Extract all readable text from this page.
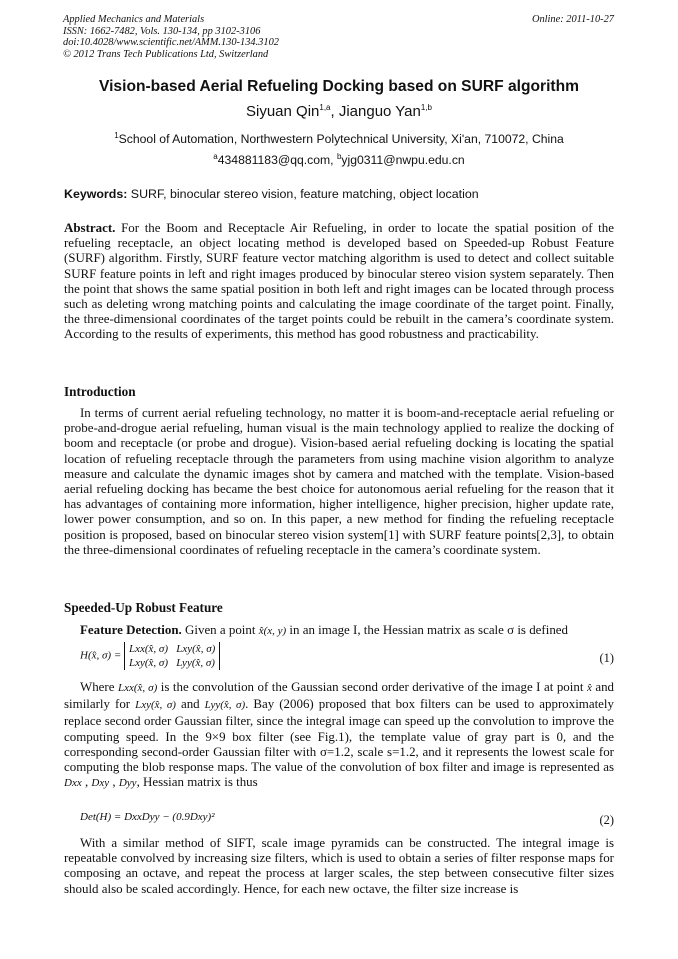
Applied Mechanics and Materials
ISSN: 1662-7482, Vols. 130-134, pp 3102-3106
doi:10.4028/www.scientific.net/AMM.130-134.3102
© 2012 Trans Tech Publications Ltd, Switzerland
Online: 2011-10-27
Vision-based Aerial Refueling Docking based on SURF algorithm
Siyuan Qin$^{1,a}$, Jianguo Yan$^{1,b}$
$^1$School of Automation, Northwestern Polytechnical University, Xi'an, 710072, China
$^a$434881183@qq.com, $^b$yjg0311@nwpu.edu.cn
Keywords: SURF, binocular stereo vision, feature matching, object location
Abstract. For the Boom and Receptacle Air Refueling, in order to locate the spatial position of the refueling receptacle, an object locating method is developed based on Speeded-up Robust Feature (SURF) algorithm. Firstly, SURF feature vector matching algorithm is used to detect and collect suitable SURF feature points in left and right images produced by binocular stereo vision system separately. Then the point that shows the same spatial position in both left and right images can be located through process such as deleting wrong matching points and calculating the image coordinate of the target point. Finally, the three-dimensional coordinates of the target points could be rebuilt in the camera’s coordinate system. According to the results of experiments, this method has good robustness and practicability.
Introduction
In terms of current aerial refueling technology, no matter it is boom-and-receptacle aerial refueling or probe-and-drogue aerial refueling, human visual is the main technology applied to realize the docking of boom and receptacle (or probe and drogue). Vision-based aerial refueling docking is locating the spatial location of refueling receptacle through the parameters from using machine vision algorithm to analyze measure and calculate the dynamic images shot by camera and matched with the template. Vision-based aerial refueling docking has became the best choice for autonomous aerial refueling for the reason that it has advantages of containing more information, higher intelligence, higher precision, higher update rate, lower power consumption, and so on. In this paper, a new method for finding the refueling receptacle position is proposed, based on binocular stereo vision system[1] with SURF feature points[2,3], to obtain the three-dimensional coordinates of refueling receptacle in the camera’s coordinate system.
Speeded-Up Robust Feature
Feature Detection. Given a point x̂(x, y) in an image I, the Hessian matrix as scale σ is defined
H(x̂, σ) = Lxx(x̂, σ) Lxy(x̂, σ)
Lxy(x̂, σ) Lyy(x̂, σ)	(1)
Where Lxx(x̂, σ) is the convolution of the Gaussian second order derivative of the image I at point x̂ and similarly for Lxy(x̂, σ) and Lyy(x̂, σ). Bay (2006) proposed that box filters can be used to approximately replace second order Gaussian filter, since the integral image can speed up the convolution to improve the computing speed. In the 9×9 box filter (see Fig.1), the template value of gray part is 0, and the corresponding second-order Gaussian filter with σ=1.2, scale s=1.2, and it represents the lowest scale for computing the blob response maps. The value of the convolution of box filter and image is represented as Dxx , Dxy , Dyy, Hessian matrix is thus
Det(H) = DxxDyy − (0.9Dxy)²	(2)
With a similar method of SIFT, scale image pyramids can be constructed. The integral image is repeatable convolved by increasing size filters, which is used to obtain a series of filter response maps for composing an octave, and repeat the process at larger scales, the step between consecutive filter sizes should also be scaled accordingly. Hence, for each new octave, the filter size increase is
